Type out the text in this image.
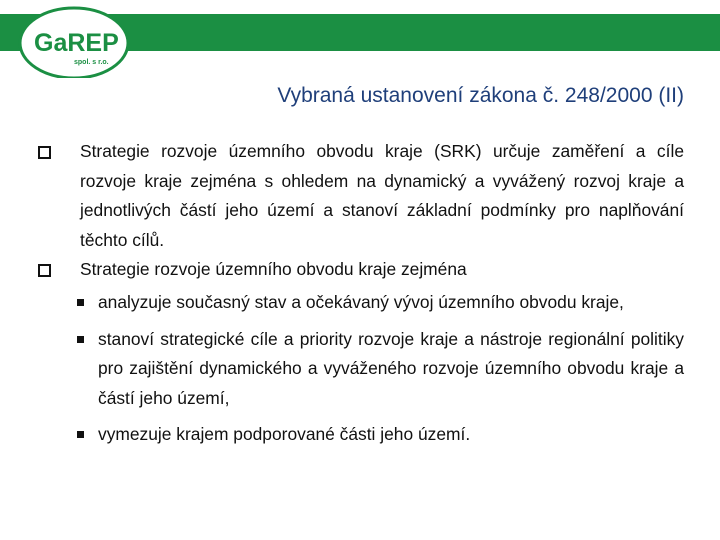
GaREP
spol. s r.o.
Vybraná ustanovení zákona č. 248/2000 (II)
Strategie rozvoje územního obvodu kraje (SRK) určuje zaměření a cíle rozvoje kraje zejména s ohledem na dynamický a vyvážený rozvoj kraje a jednotlivých částí jeho území a stanoví základní podmínky pro naplňování těchto cílů.
Strategie rozvoje územního obvodu kraje zejména
analyzuje současný stav a očekávaný vývoj územního obvodu kraje,
stanoví strategické cíle a priority rozvoje kraje a nástroje regionální politiky pro zajištění dynamického a vyváženého rozvoje územního obvodu kraje a částí jeho území,
vymezuje krajem podporované části jeho území.
